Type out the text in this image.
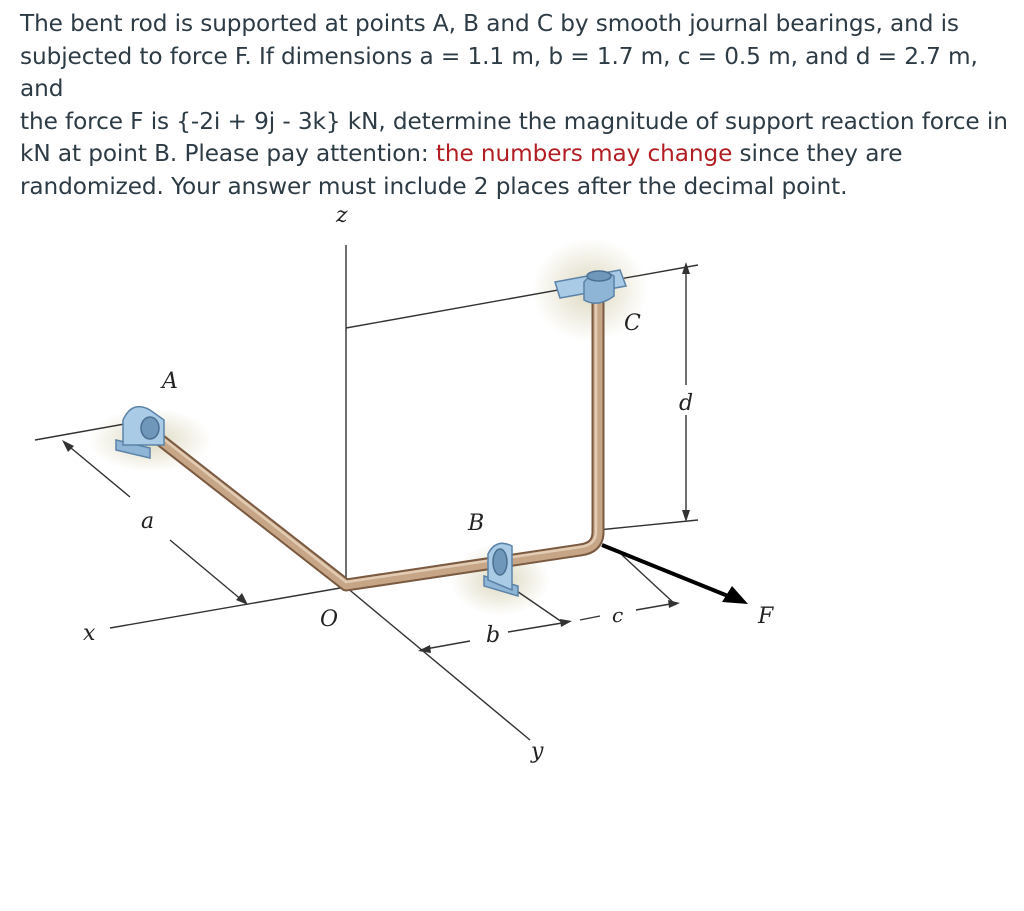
The bent rod is supported at points A, B and C by smooth journal bearings, and is

subjected to force F. If dimensions a = 1.1 m, b = 1.7 m, c = 0.5 m, and d = 2.7 m, and

the force F is {-2i + 9j - 3k} kN, determine the magnitude of support reaction force in

kN at point B. Please pay attention: the numbers may change since they are

randomized. Your answer must include 2 places after the decimal point.

z
x
y
O
A
B
C
F
a
b
c
d
